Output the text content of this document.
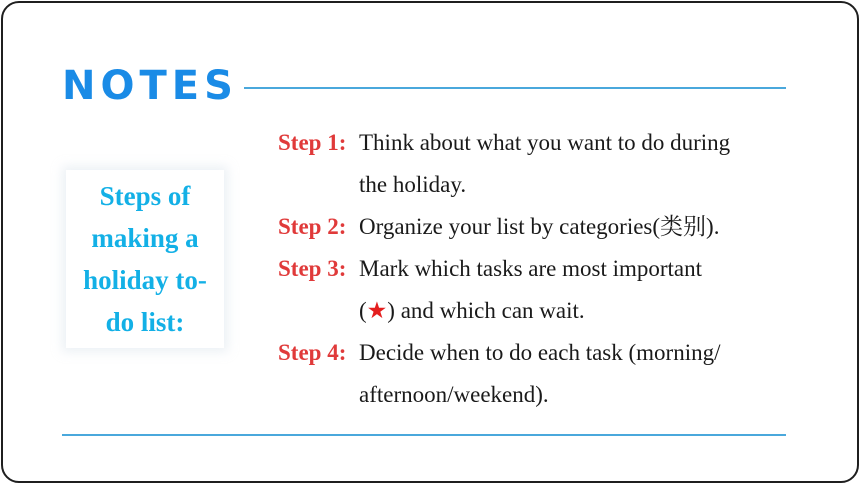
NOTES
Steps of making a holiday to-do list:
Step 1: Think about what you want to do during
the holiday.
Step 2: Organize your list by categories(类别).
Step 3: Mark which tasks are most important
(★) and which can wait.
Step 4: Decide when to do each task (morning/
afternoon/weekend).
